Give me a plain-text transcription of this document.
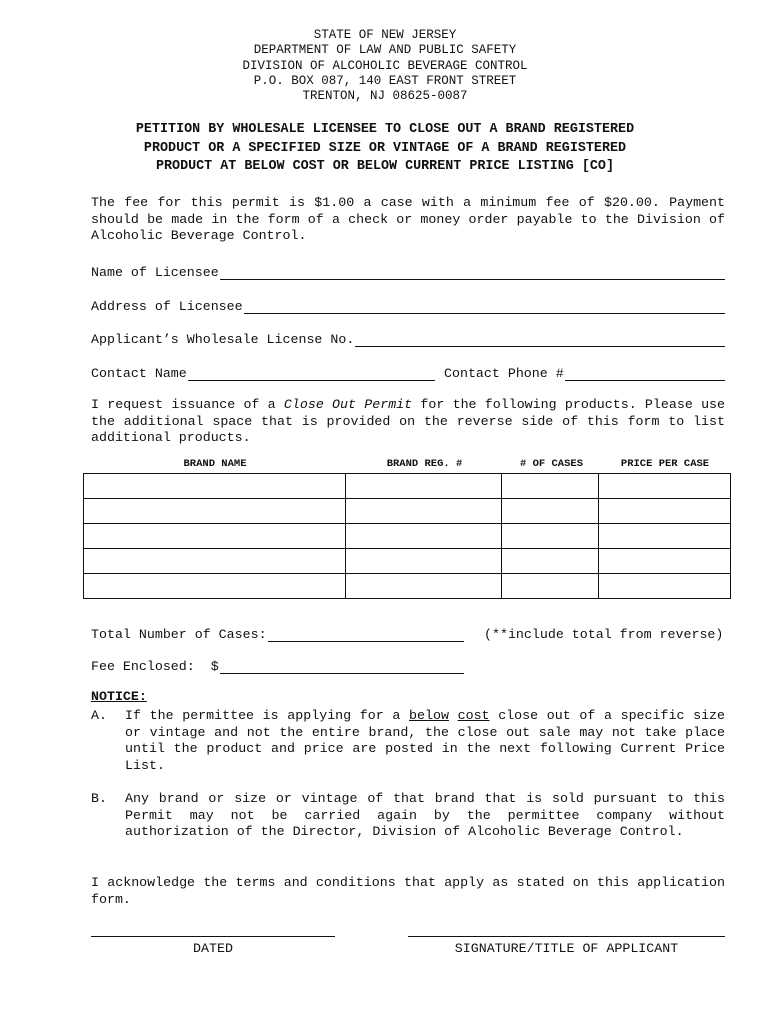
STATE OF NEW JERSEY
DEPARTMENT OF LAW AND PUBLIC SAFETY
DIVISION OF ALCOHOLIC BEVERAGE CONTROL
P.O. BOX 087, 140 EAST FRONT STREET
TRENTON, NJ 08625-0087
PETITION BY WHOLESALE LICENSEE TO CLOSE OUT A BRAND REGISTERED
PRODUCT OR A SPECIFIED SIZE OR VINTAGE OF A BRAND REGISTERED
PRODUCT AT BELOW COST OR BELOW CURRENT PRICE LISTING [CO]

The fee for this permit is $1.00 a case with a minimum fee of $20.00. Payment should be made in the form of a check or money order payable to the Division of Alcoholic Beverage Control.

Name of Licensee
Address of Licensee
Applicant’s Wholesale License No.
Contact Name	Contact Phone #

I request issuance of a Close Out Permit for the following products. Please use the additional space that is provided on the reverse side of this form to list additional products.

BRAND NAME	BRAND REG. #	# OF CASES	PRICE PER CASE

Total Number of Cases:	(**include total from reverse)
Fee Enclosed: $
NOTICE:
A. If the permittee is applying for a below cost close out of a specific size or vintage and not the entire brand, the close out sale may not take place until the product and price are posted in the next following Current Price List.
B. Any brand or size or vintage of that brand that is sold pursuant to this Permit may not be carried again by the permittee company without authorization of the Director, Division of Alcoholic Beverage Control.

I acknowledge the terms and conditions that apply as stated on this application form.

DATED	SIGNATURE/TITLE OF APPLICANT
